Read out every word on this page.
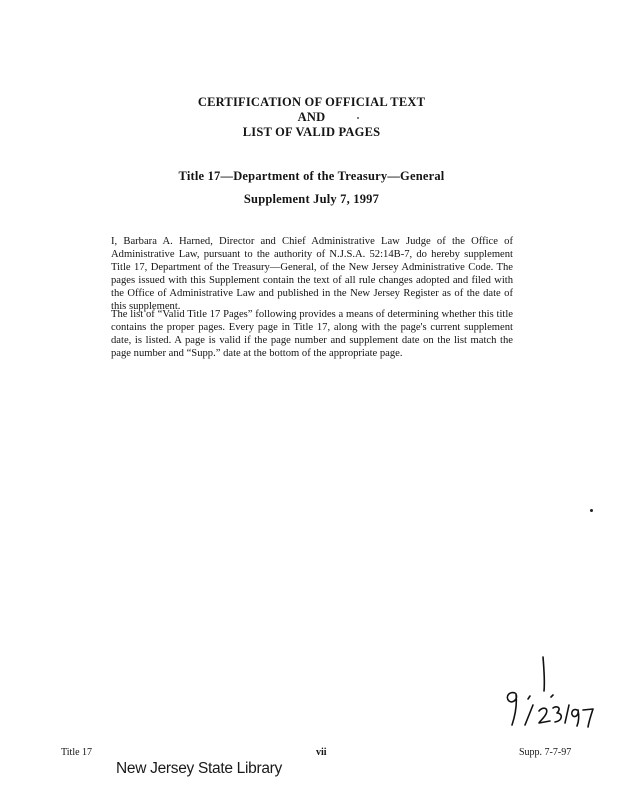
CERTIFICATION OF OFFICIAL TEXT
AND
LIST OF VALID PAGES
Title 17—Department of the Treasury—General
Supplement July 7, 1997

I, Barbara A. Harned, Director and Chief Administrative Law Judge of the Office of Administrative Law, pursuant to the authority of N.J.S.A. 52:14B-7, do hereby supplement Title 17, Department of the Treasury—General, of the New Jersey Administrative Code. The pages issued with this Supplement contain the text of all rule changes adopted and filed with the Office of Administrative Law and published in the New Jersey Register as of the date of this supplement.

The list of “Valid Title 17 Pages” following provides a means of determining whether this title contains the proper pages. Every page in Title 17, along with the page's current supplement date, is listed. A page is valid if the page number and supplement date on the list match the page number and “Supp.” date at the bottom of the appropriate page.

Title 17	vii	Supp. 7-7-97
New Jersey State Library
